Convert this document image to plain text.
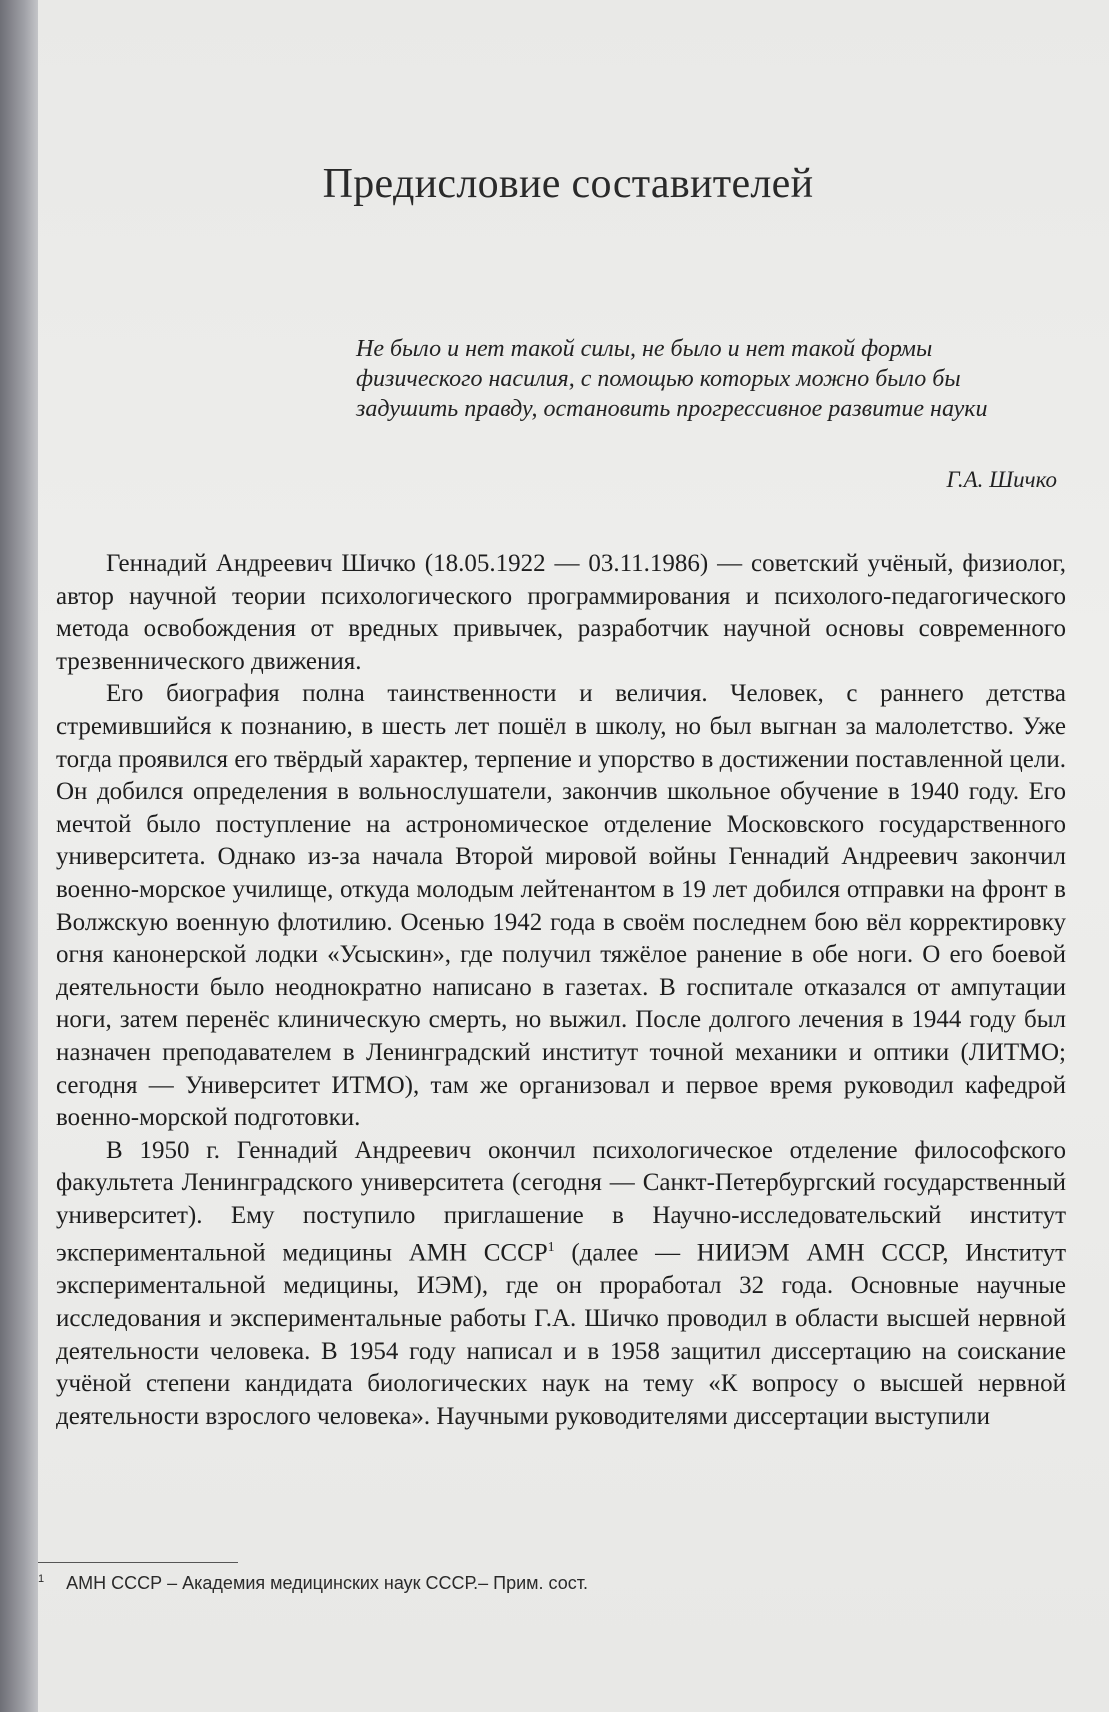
Предисловие составителей
Не было и нет такой силы, не было и нет такой формы физического насилия, с помощью которых можно было бы задушить правду, остановить прогрессивное развитие науки
Г.А. Шичко

Геннадий Андреевич Шичко (18.05.1922 — 03.11.1986) — советский учёный, физиолог, автор научной теории психологического программирования и психолого-педагогического метода освобождения от вредных привычек, разработчик научной основы современного трезвеннического движения.

Его биография полна таинственности и величия. Человек, с раннего детства стремившийся к познанию, в шесть лет пошёл в школу, но был выгнан за малолетство. Уже тогда проявился его твёрдый характер, терпение и упорство в достижении поставленной цели. Он добился определения в вольнослушатели, закончив школьное обучение в 1940 году. Его мечтой было поступление на астрономическое отделение Московского государственного университета. Однако из-за начала Второй мировой войны Геннадий Андреевич закончил военно-морское училище, откуда молодым лейтенантом в 19 лет добился отправки на фронт в Волжскую военную флотилию. Осенью 1942 года в своём последнем бою вёл корректировку огня канонерской лодки «Усыскин», где получил тяжёлое ранение в обе ноги. О его боевой деятельности было неоднократно написано в газетах. В госпитале отказался от ампутации ноги, затем перенёс клиническую смерть, но выжил. После долгого лечения в 1944 году был назначен преподавателем в Ленинградский институт точной механики и оптики (ЛИТМО; сегодня — Университет ИТМО), там же организовал и первое время руководил кафедрой военно-морской подготовки.

В 1950 г. Геннадий Андреевич окончил психологическое отделение философского факультета Ленинградского университета (сегодня — Санкт-Петербургский государственный университет). Ему поступило приглашение в Научно-исследовательский институт экспериментальной медицины АМН СССР$^1$ (далее — НИИЭМ АМН СССР, Институт экспериментальной медицины, ИЭМ), где он проработал 32 года. Основные научные исследования и экспериментальные работы Г.А. Шичко проводил в области высшей нервной деятельности человека. В 1954 году написал и в 1958 защитил диссертацию на соискание учёной степени кандидата биологических наук на тему «К вопросу о высшей нервной деятельности взрослого человека». Научными руководителями диссертации выступили

$^1$ АМН СССР – Академия медицинских наук СССР.– Прим. сост.
